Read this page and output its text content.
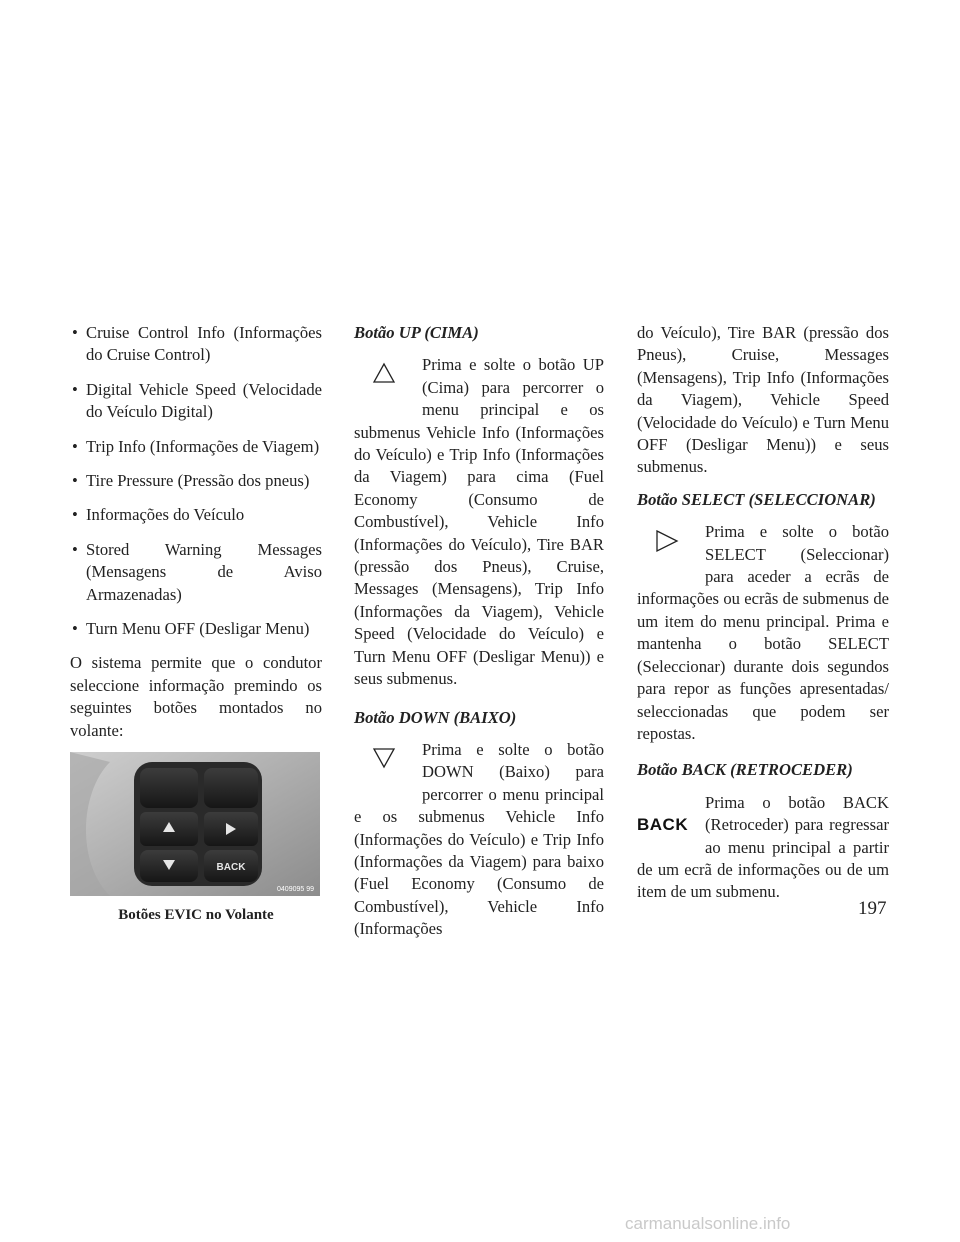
• Cruise Control Info (Informações do Cruise Control)
• Digital Vehicle Speed (Velocidade do Veículo Digital)
• Trip Info (Informações de Viagem)
• Tire Pressure (Pressão dos pneus)
• Informações do Veículo
• Stored Warning Messages (Mensagens de Aviso Armazenadas)
• Turn Menu OFF (Desligar Menu)

O sistema permite que o condutor seleccione informação premindo os seguintes botões montados no volante:

BACK
0409095 99
Botões EVIC no Volante
Botão UP (CIMA)
Prima e solte o botão UP (Cima) para percorrer o menu principal e os submenus Vehicle Info (Informações do Veículo) e Trip Info (Informações da Viagem) para cima (Fuel Economy (Consumo de Combustível), Vehicle Info (Informações do Veículo), Tire BAR (pressão dos Pneus), Cruise, Messages (Mensagens), Trip Info (Informações da Viagem), Vehicle Speed (Velocidade do Veículo) e Turn Menu OFF (Desligar Menu)) e seus submenus.
Botão DOWN (BAIXO)
Prima e solte o botão DOWN (Baixo) para percorrer o menu principal e os submenus Vehicle Info (Informações do Veículo) e Trip Info (Informações da Viagem) para baixo (Fuel Economy (Consumo de Combustível), Vehicle Info (Informações

do Veículo), Tire BAR (pressão dos Pneus), Cruise, Messages (Mensagens), Trip Info (Informações da Viagem), Vehicle Speed (Velocidade do Veículo) e Turn Menu OFF (Desligar Menu)) e seus submenus.

Botão SELECT (SELECCIONAR)
Prima e solte o botão SELECT (Seleccionar) para aceder a ecrãs de informações ou ecrãs de submenus de um item do menu principal. Prima e mantenha o botão SELECT (Seleccionar) durante dois segundos para repor as funções apresentadas/ seleccionadas que podem ser repostas.
Botão BACK (RETROCEDER)
BACK
Prima o botão BACK (Retroceder) para regressar ao menu principal a partir de um ecrã de informações ou de um item de um submenu.
197
carmanualsonline.info
